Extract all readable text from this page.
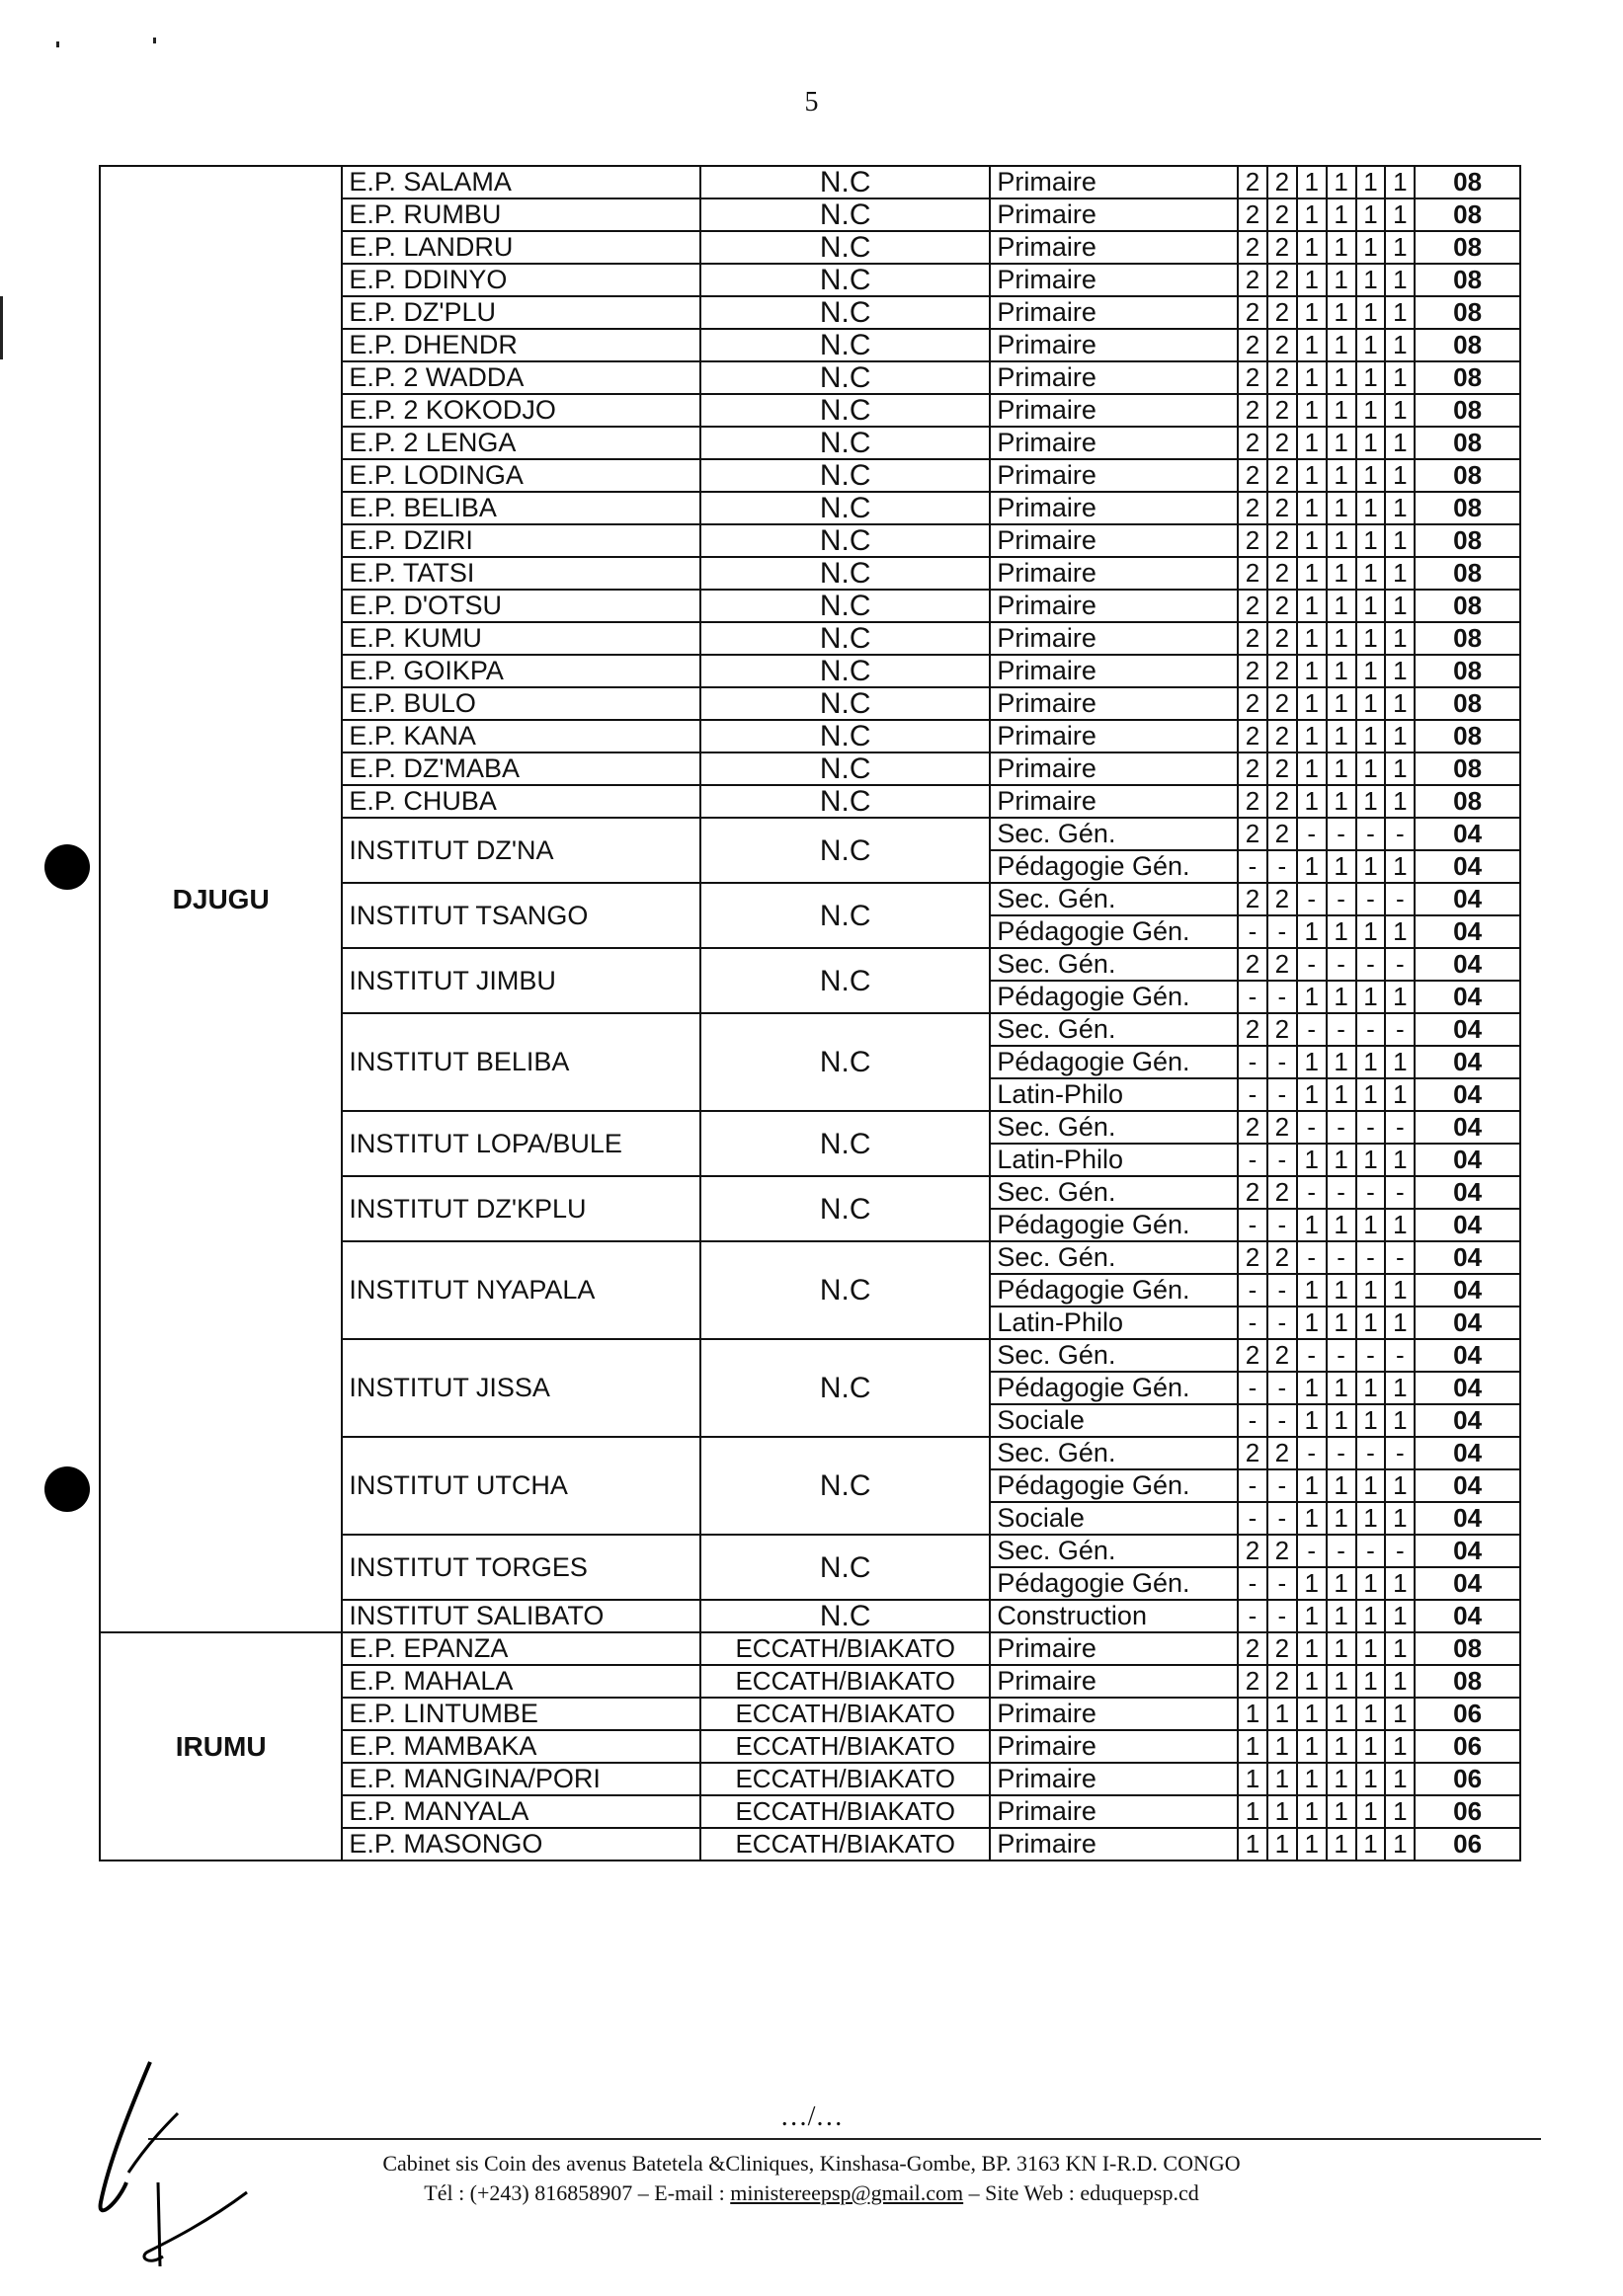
5
DJUGU	E.P. SALAMA	N.C	Primaire	2	2	1	1	1	1	08
	E.P. RUMBU	N.C	Primaire	2	2	1	1	1	1	08
	E.P. LANDRU	N.C	Primaire	2	2	1	1	1	1	08
	E.P. DDINYO	N.C	Primaire	2	2	1	1	1	1	08
	E.P. DZ'PLU	N.C	Primaire	2	2	1	1	1	1	08
	E.P. DHENDR	N.C	Primaire	2	2	1	1	1	1	08
	E.P. 2 WADDA	N.C	Primaire	2	2	1	1	1	1	08
	E.P. 2 KOKODJO	N.C	Primaire	2	2	1	1	1	1	08
	E.P. 2 LENGA	N.C	Primaire	2	2	1	1	1	1	08
	E.P. LODINGA	N.C	Primaire	2	2	1	1	1	1	08
	E.P. BELIBA	N.C	Primaire	2	2	1	1	1	1	08
	E.P. DZIRI	N.C	Primaire	2	2	1	1	1	1	08
	E.P. TATSI	N.C	Primaire	2	2	1	1	1	1	08
	E.P. D'OTSU	N.C	Primaire	2	2	1	1	1	1	08
	E.P. KUMU	N.C	Primaire	2	2	1	1	1	1	08
	E.P. GOIKPA	N.C	Primaire	2	2	1	1	1	1	08
	E.P. BULO	N.C	Primaire	2	2	1	1	1	1	08
	E.P. KANA	N.C	Primaire	2	2	1	1	1	1	08
	E.P. DZ'MABA	N.C	Primaire	2	2	1	1	1	1	08
	E.P. CHUBA	N.C	Primaire	2	2	1	1	1	1	08
	INSTITUT DZ'NA	N.C	Sec. Gén.	2	2	-	-	-	-	04
			Pédagogie Gén.	-	-	1	1	1	1	04
	INSTITUT TSANGO	N.C	Sec. Gén.	2	2	-	-	-	-	04
			Pédagogie Gén.	-	-	1	1	1	1	04
	INSTITUT JIMBU	N.C	Sec. Gén.	2	2	-	-	-	-	04
			Pédagogie Gén.	-	-	1	1	1	1	04
	INSTITUT BELIBA	N.C	Sec. Gén.	2	2	-	-	-	-	04
			Pédagogie Gén.	-	-	1	1	1	1	04
			Latin-Philo	-	-	1	1	1	1	04
	INSTITUT LOPA/BULE	N.C	Sec. Gén.	2	2	-	-	-	-	04
			Latin-Philo	-	-	1	1	1	1	04
	INSTITUT DZ'KPLU	N.C	Sec. Gén.	2	2	-	-	-	-	04
			Pédagogie Gén.	-	-	1	1	1	1	04
	INSTITUT NYAPALA	N.C	Sec. Gén.	2	2	-	-	-	-	04
			Pédagogie Gén.	-	-	1	1	1	1	04
			Latin-Philo	-	-	1	1	1	1	04
	INSTITUT JISSA	N.C	Sec. Gén.	2	2	-	-	-	-	04
			Pédagogie Gén.	-	-	1	1	1	1	04
			Sociale	-	-	1	1	1	1	04
	INSTITUT UTCHA	N.C	Sec. Gén.	2	2	-	-	-	-	04
			Pédagogie Gén.	-	-	1	1	1	1	04
			Sociale	-	-	1	1	1	1	04
	INSTITUT TORGES	N.C	Sec. Gén.	2	2	-	-	-	-	04
			Pédagogie Gén.	-	-	1	1	1	1	04
	INSTITUT SALIBATO	N.C	Construction	-	-	1	1	1	1	04
IRUMU	E.P. EPANZA	ECCATH/BIAKATO	Primaire	2	2	1	1	1	1	08
	E.P. MAHALA	ECCATH/BIAKATO	Primaire	2	2	1	1	1	1	08
	E.P. LINTUMBE	ECCATH/BIAKATO	Primaire	1	1	1	1	1	1	06
	E.P. MAMBAKA	ECCATH/BIAKATO	Primaire	1	1	1	1	1	1	06
	E.P. MANGINA/PORI	ECCATH/BIAKATO	Primaire	1	1	1	1	1	1	06
	E.P. MANYALA	ECCATH/BIAKATO	Primaire	1	1	1	1	1	1	06
	E.P. MASONGO	ECCATH/BIAKATO	Primaire	1	1	1	1	1	1	06
…/…
Cabinet sis Coin des avenus Batetela &Cliniques, Kinshasa-Gombe, BP. 3163 KN I-R.D. CONGO
Tél : (+243) 816858907 – E-mail : ministereepsp@gmail.com – Site Web : eduquepsp.cd
